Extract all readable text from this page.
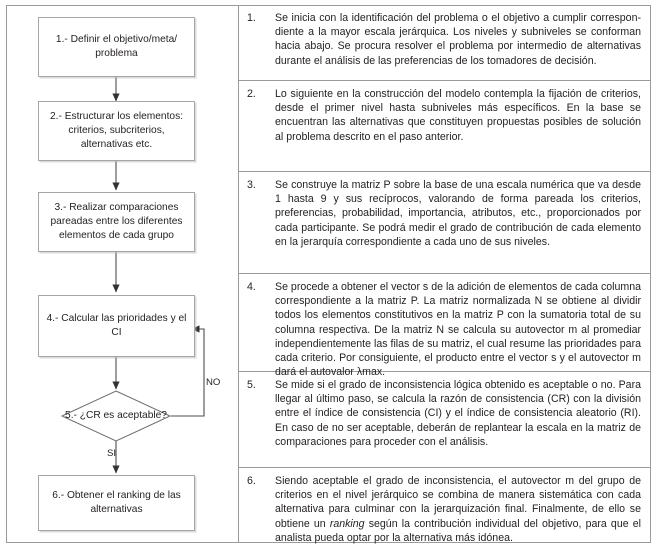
1.- Definir el objetivo/meta/ problema
2.- Estructurar los elementos: criterios, subcriterios, alternativas etc.
3.- Realizar comparaciones pareadas entre los diferentes elementos de cada grupo
4.- Calcular las prioridades y el CI
5.- ¿CR es aceptable?
6.- Obtener el ranking de las alternativas
NO
SI
1.	Se inicia con la identificación del problema o el objetivo a cumplir correspondiente a la mayor escala jerárquica. Los niveles y subniveles se conforman hacia abajo. Se procura resolver el problema por intermedio de alternativas durante el análisis de las preferencias de los tomadores de decisión.
2.	Lo siguiente en la construcción del modelo contempla la fijación de criterios, desde el primer nivel hasta subniveles más específicos. En la base se encuentran las alternativas que constituyen propuestas posibles de solución al problema descrito en el paso anterior.
3.	Se construye la matriz P sobre la base de una escala numérica que va desde 1 hasta 9 y sus recíprocos, valorando de forma pareada los criterios, preferencias, probabilidad, importancia, atributos, etc., proporcionados por cada participante. Se podrá medir el grado de contribución de cada elemento en la jerarquía correspondiente a cada uno de sus niveles.
4.	Se procede a obtener el vector s de la adición de elementos de cada columna correspondiente a la matriz P. La matriz normalizada N se obtiene al dividir todos los elementos constitutivos en la matriz P con la sumatoria total de su columna respectiva. De la matriz N se calcula su autovector m al promediar independientemente las filas de su matriz, el cual resume las prioridades para cada criterio. Por consiguiente, el producto entre el vector s y el autovector m dará el autovalor λmax.
5.	Se mide si el grado de inconsistencia lógica obtenido es aceptable o no. Para llegar al último paso, se calcula la razón de consistencia (CR) con la división entre el índice de consistencia (CI) y el índice de consistencia aleatorio (RI). En caso de no ser aceptable, deberán de replantear la escala en la matriz de comparaciones para proceder con el análisis.
6.	Siendo aceptable el grado de inconsistencia, el autovector m del grupo de criterios en el nivel jerárquico se combina de manera sistemática con cada alternativa para culminar con la jerarquización final. Finalmente, de ello se obtiene un ranking según la contribución individual del objetivo, para que el analista pueda optar por la alternativa más idónea.
